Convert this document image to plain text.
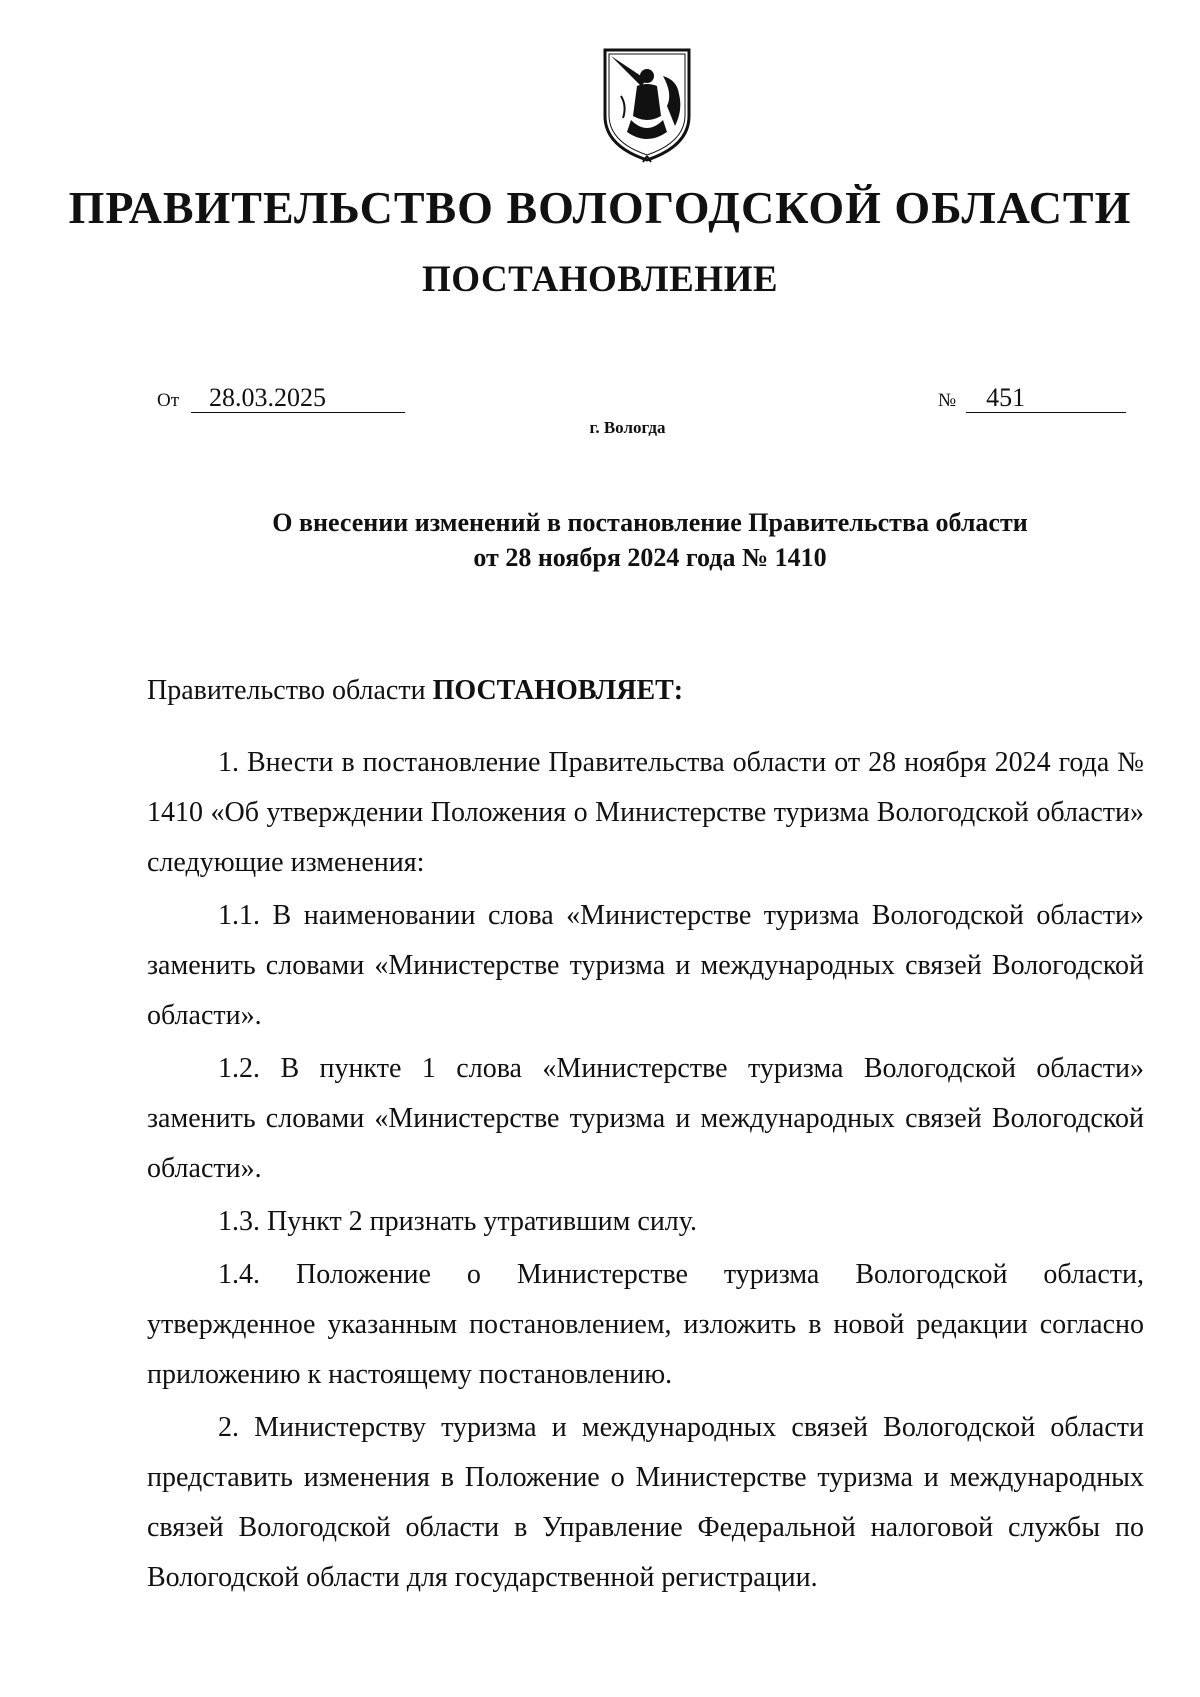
ПРАВИТЕЛЬСТВО ВОЛОГОДСКОЙ ОБЛАСТИ
ПОСТАНОВЛЕНИЕ
От 28.03.2025	№ 451
г. Вологда
О внесении изменений в постановление Правительства области
от 28 ноября 2024 года № 1410
Правительство области ПОСТАНОВЛЯЕТ:

1. Внести в постановление Правительства области от 28 ноября 2024 года № 1410 «Об утверждении Положения о Министерстве туризма Вологодской области» следующие изменения:

1.1. В наименовании слова «Министерстве туризма Вологодской области» заменить словами «Министерстве туризма и международных связей Вологодской области».

1.2. В пункте 1 слова «Министерстве туризма Вологодской области» заменить словами «Министерстве туризма и международных связей Вологодской области».

1.3. Пункт 2 признать утратившим силу.

1.4. Положение о Министерстве туризма Вологодской области, утвержденное указанным постановлением, изложить в новой редакции согласно приложению к настоящему постановлению.

2. Министерству туризма и международных связей Вологодской области представить изменения в Положение о Министерстве туризма и международных связей Вологодской области в Управление Федеральной налоговой службы по Вологодской области для государственной регистрации.
